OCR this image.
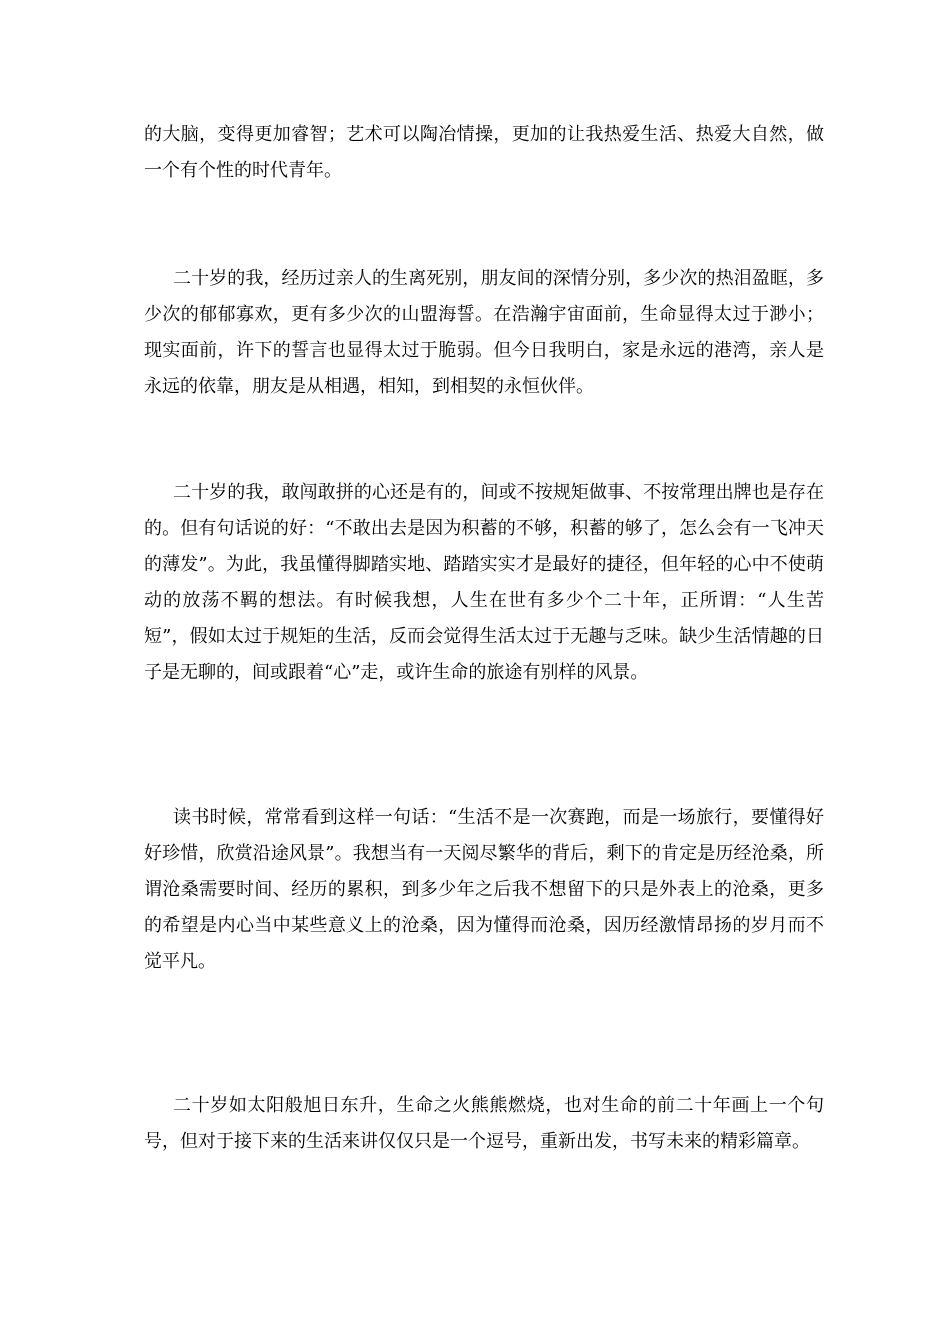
的大脑，变得更加睿智；艺术可以陶冶情操，更加的让我热爱生活、热爱大自然，做一个有个性的时代青年。

二十岁的我，经历过亲人的生离死别，朋友间的深情分别，多少次的热泪盈眶，多少次的郁郁寡欢，更有多少次的山盟海誓。在浩瀚宇宙面前，生命显得太过于渺小；现实面前，许下的誓言也显得太过于脆弱。但今日我明白，家是永远的港湾，亲人是永远的依靠，朋友是从相遇，相知，到相契的永恒伙伴。

二十岁的我，敢闯敢拼的心还是有的，间或不按规矩做事、不按常理出牌也是存在的。但有句话说的好：“不敢出去是因为积蓄的不够，积蓄的够了，怎么会有一飞冲天的薄发”。为此，我虽懂得脚踏实地、踏踏实实才是最好的捷径，但年轻的心中不使萌动的放荡不羁的想法。有时候我想，人生在世有多少个二十年，正所谓：“人生苦短”，假如太过于规矩的生活，反而会觉得生活太过于无趣与乏味。缺少生活情趣的日子是无聊的，间或跟着“心”走，或许生命的旅途有别样的风景。

读书时候，常常看到这样一句话：“生活不是一次赛跑，而是一场旅行，要懂得好好珍惜，欣赏沿途风景”。我想当有一天阅尽繁华的背后，剩下的肯定是历经沧桑，所谓沧桑需要时间、经历的累积，到多少年之后我不想留下的只是外表上的沧桑，更多的希望是内心当中某些意义上的沧桑，因为懂得而沧桑，因历经激情昂扬的岁月而不觉平凡。

二十岁如太阳般旭日东升，生命之火熊熊燃烧，也对生命的前二十年画上一个句号，但对于接下来的生活来讲仅仅只是一个逗号，重新出发，书写未来的精彩篇章。
